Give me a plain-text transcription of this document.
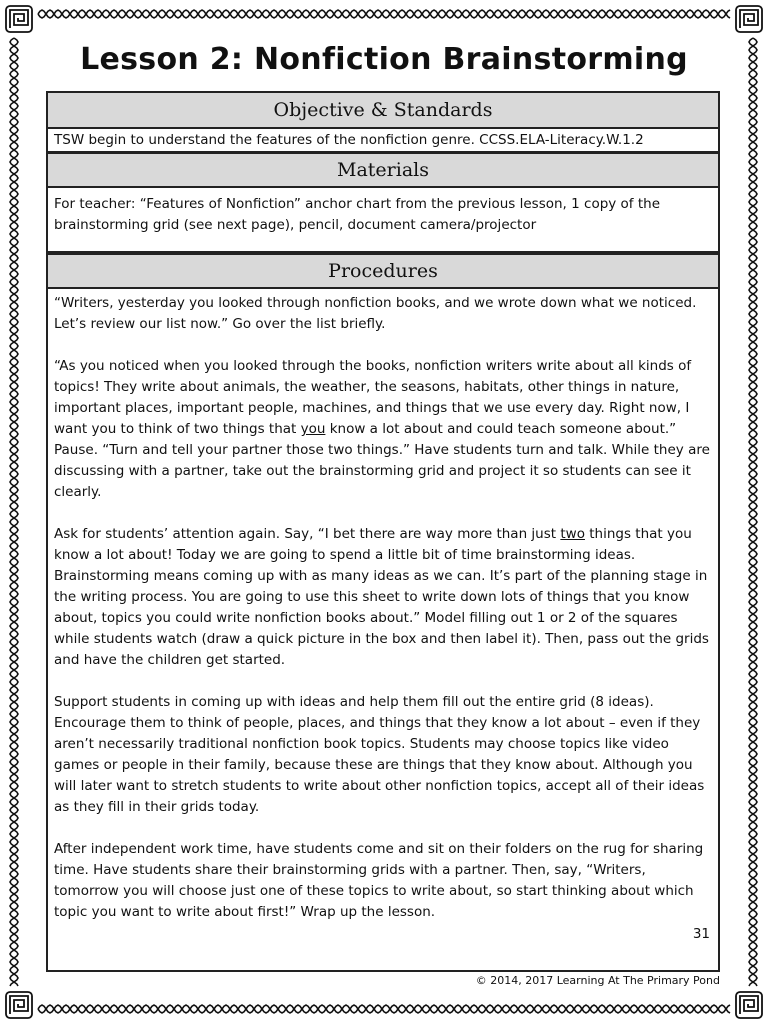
Lesson 2: Nonfiction Brainstorming
Objective & Standards

TSW begin to understand the features of the nonfiction genre. CCSS.ELA-Literacy.W.1.2

Materials

For teacher: “Features of Nonfiction” anchor chart from the previous lesson, 1 copy of the brainstorming grid (see next page), pencil, document camera/projector

Procedures

“Writers, yesterday you looked through nonfiction books, and we wrote down what we noticed. Let’s review our list now.” Go over the list briefly.

“As you noticed when you looked through the books, nonfiction writers write about all kinds of topics! They write about animals, the weather, the seasons, habitats, other things in nature, important places, important people, machines, and things that we use every day. Right now, I want you to think of two things that you know a lot about and could teach someone about.” Pause. “Turn and tell your partner those two things.” Have students turn and talk. While they are discussing with a partner, take out the brainstorming grid and project it so students can see it clearly.

Ask for students’ attention again. Say, “I bet there are way more than just two things that you know a lot about! Today we are going to spend a little bit of time brainstorming ideas. Brainstorming means coming up with as many ideas as we can. It’s part of the planning stage in the writing process. You are going to use this sheet to write down lots of things that you know about, topics you could write nonfiction books about.” Model filling out 1 or 2 of the squares while students watch (draw a quick picture in the box and then label it). Then, pass out the grids and have the children get started.

Support students in coming up with ideas and help them fill out the entire grid (8 ideas). Encourage them to think of people, places, and things that they know a lot about – even if they aren’t necessarily traditional nonfiction book topics. Students may choose topics like video games or people in their family, because these are things that they know about. Although you will later want to stretch students to write about other nonfiction topics, accept all of their ideas as they fill in their grids today.

After independent work time, have students come and sit on their folders on the rug for sharing time. Have students share their brainstorming grids with a partner. Then, say, “Writers, tomorrow you will choose just one of these topics to write about, so start thinking about which topic you want to write about first!” Wrap up the lesson.

31

© 2014, 2017 Learning At The Primary Pond
